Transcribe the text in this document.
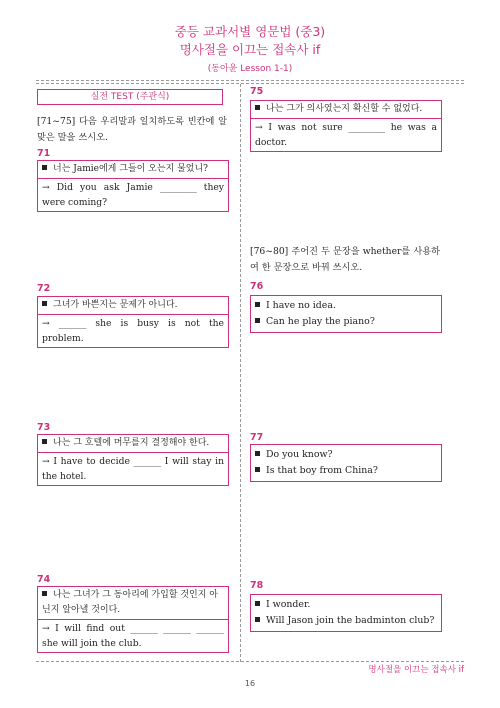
중등 교과서별 영문법 (중3)
명사절을 이끄는 접속사 if
(동아윤 Lesson 1-1)
실전 TEST (주관식)
[71~75] 다음 우리말과 일치하도록 빈칸에 알맞은 말을 쓰시오.
71
너는 Jamie에게 그들이 오는지 물었니?
→ Did you ask Jamie ________ they were coming?
72
그녀가 바쁜지는 문제가 아니다.
→ ______ she is busy is not the problem.
73
나는 그 호텔에 머무를지 결정해야 한다.
→ I have to decide ______ I will stay in the hotel.
74
나는 그녀가 그 동아리에 가입할 것인지 아닌지 알아낼 것이다.
→ I will find out ______ ______ ______ she will join the club.
75
나는 그가 의사였는지 확신할 수 없었다.
→ I was not sure ________ he was a doctor.
[76~80] 주어진 두 문장을 whether를 사용하여 한 문장으로 바꿔 쓰시오.
76
I have no idea.
Can he play the piano?
77
Do you know?
Is that boy from China?
78
I wonder.
Will Jason join the badminton club?
명사절을 이끄는 접속사 if
16
